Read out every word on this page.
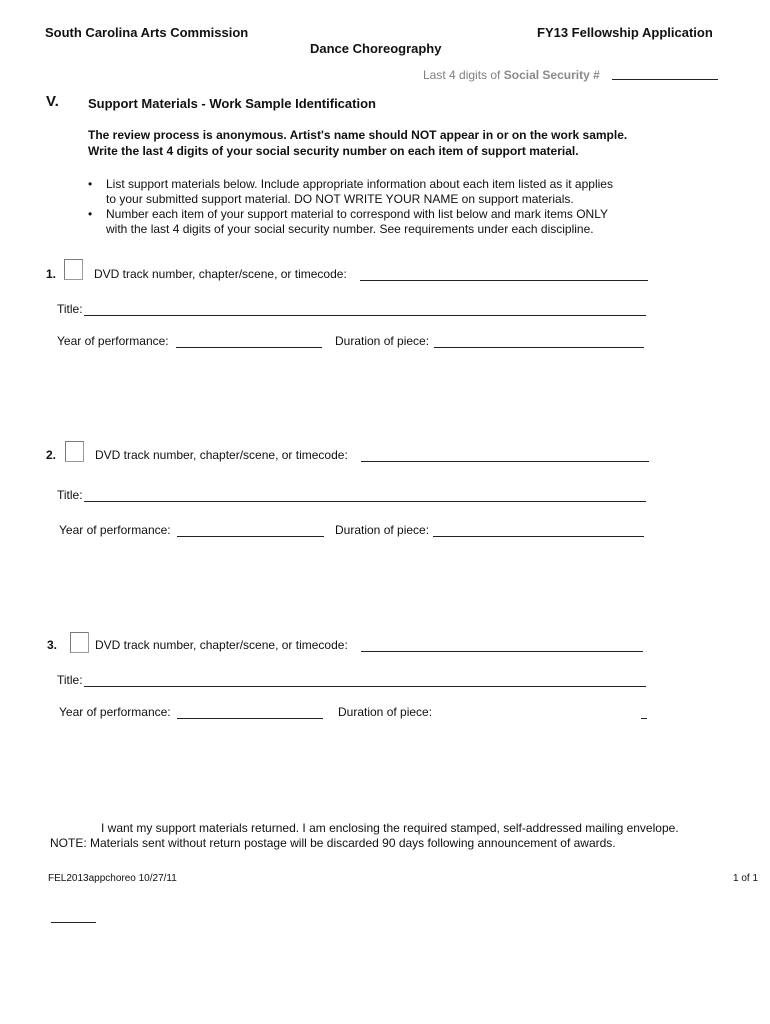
South Carolina Arts Commission	FY13 Fellowship Application
Dance Choreography
Last 4 digits of Social Security #
V. Support Materials - Work Sample Identification
The review process is anonymous. Artist's name should NOT appear in or on the work sample.
Write the last 4 digits of your social security number on each item of support material.
• List support materials below. Include appropriate information about each item listed as it applies
to your submitted support material. DO NOT WRITE YOUR NAME on support materials.
• Number each item of your support material to correspond with list below and mark items ONLY
with the last 4 digits of your social security number. See requirements under each discipline.
1.	DVD track number, chapter/scene, or timecode:
Title:
Year of performance:	Duration of piece:
2.	DVD track number, chapter/scene, or timecode:
Title:
Year of performance:	Duration of piece:
3.	DVD track number, chapter/scene, or timecode:
Title:
Year of performance:	Duration of piece:
I want my support materials returned. I am enclosing the required stamped, self-addressed mailing envelope.
NOTE: Materials sent without return postage will be discarded 90 days following announcement of awards.
FEL2013appchoreo 10/27/11	1 of 1
